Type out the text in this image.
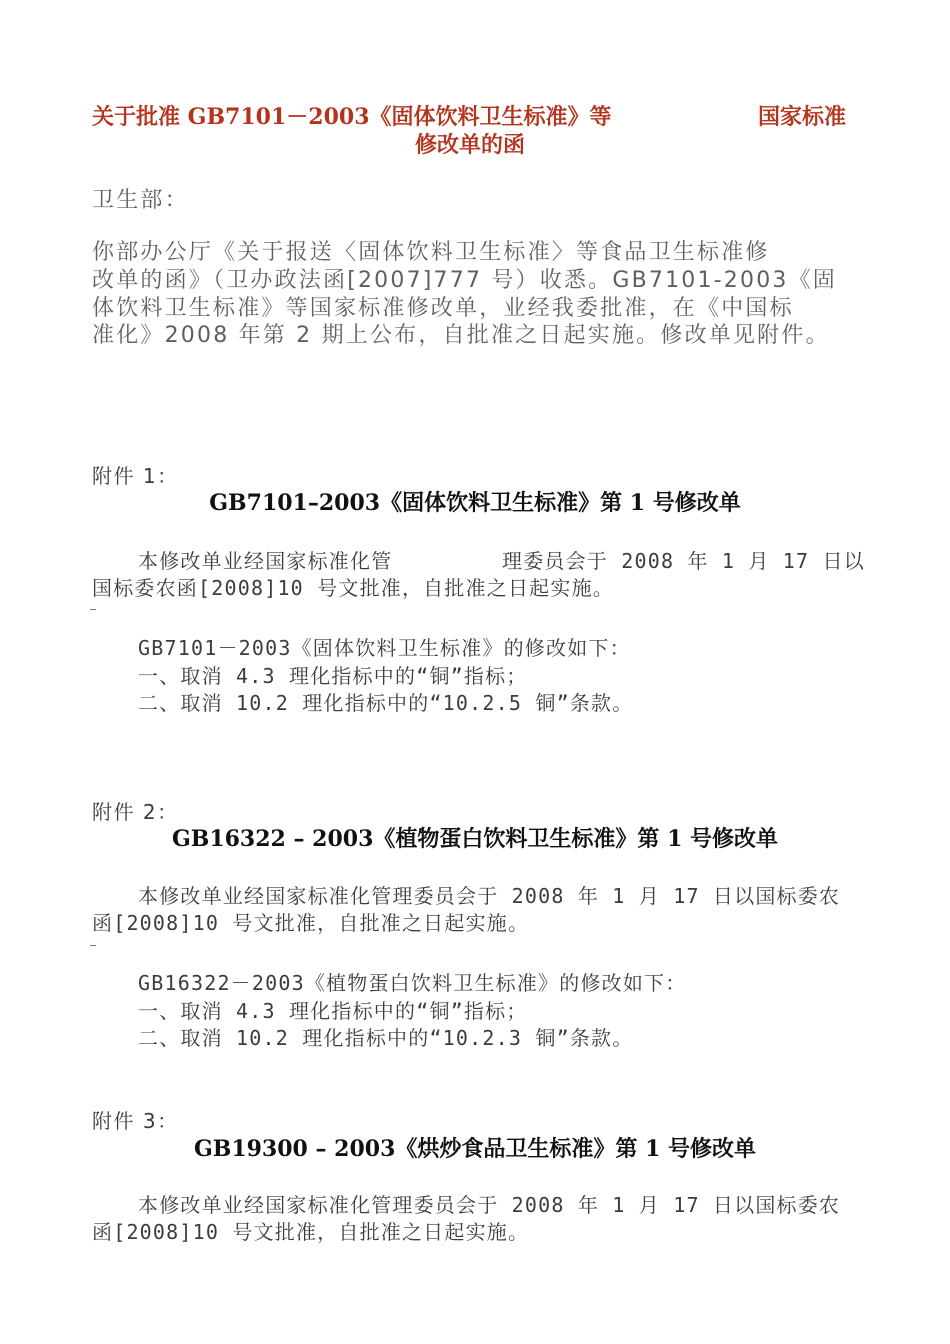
关于批准 GB7101－2003《固体饮料卫生标准》等	国家标准
修改单的函
卫生部：
你部办公厅《关于报送〈固体饮料卫生标准〉等食品卫生标准修
改单的函》（卫办政法函[2007]777 号）收悉。GB7101-2003《固
体饮料卫生标准》等国家标准修改单，业经我委批准，在《中国标
准化》2008 年第 2 期上公布，自批准之日起实施。修改单见附件。
附件 1：
GB7101–2003《固体饮料卫生标准》第 1 号修改单
本修改单业经国家标准化管	理委员会于 2008 年 1 月 17 日以
国标委农函[2008]10 号文批准，自批准之日起实施。
GB7101－2003《固体饮料卫生标准》的修改如下：
一、取消 4.3 理化指标中的“铜”指标；
二、取消 10.2 理化指标中的“10.2.5 铜”条款。
附件 2：
GB16322 – 2003《植物蛋白饮料卫生标准》第 1 号修改单
本修改单业经国家标准化管理委员会于 2008 年 1 月 17 日以国标委农
函[2008]10 号文批准，自批准之日起实施。
GB16322－2003《植物蛋白饮料卫生标准》的修改如下：
一、取消 4.3 理化指标中的“铜”指标；
二、取消 10.2 理化指标中的“10.2.3 铜”条款。
附件 3：
GB19300 – 2003《烘炒食品卫生标准》第 1 号修改单
本修改单业经国家标准化管理委员会于 2008 年 1 月 17 日以国标委农
函[2008]10 号文批准，自批准之日起实施。
